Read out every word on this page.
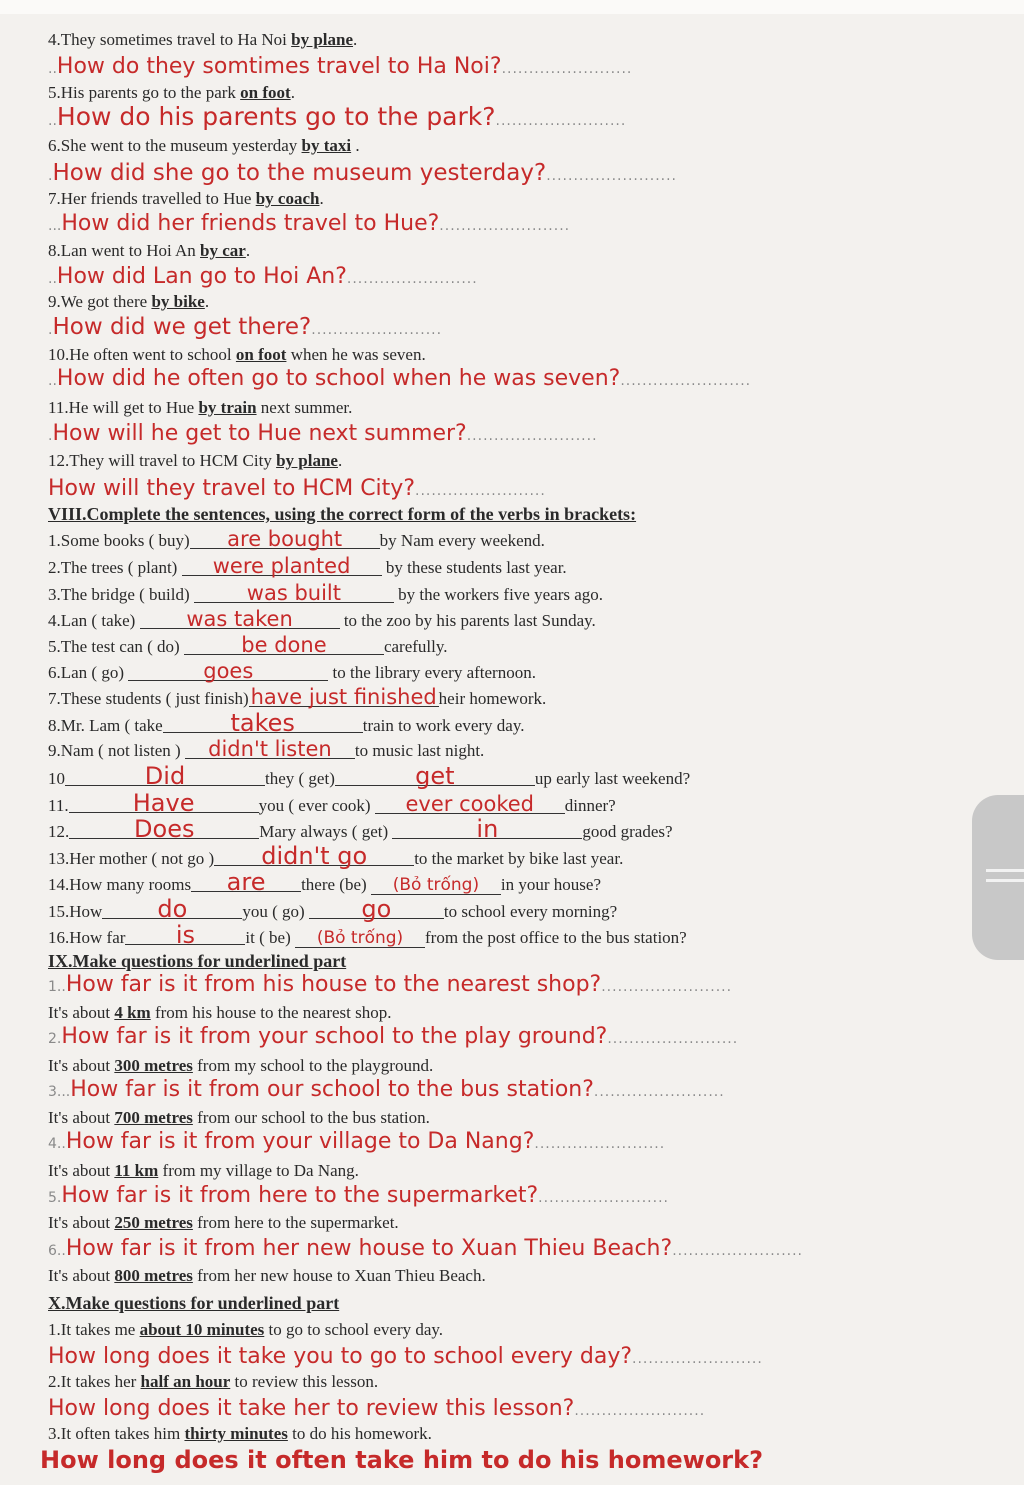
4.They sometimes travel to Ha Noi by plane.
..How do they somtimes travel to Ha Noi?........................
5.His parents go to the park on foot.
..How do his parents go to the park?........................
6.She went to the museum yesterday by taxi .
.How did she go to the museum yesterday?........................
7.Her friends travelled to Hue by coach.
...How did her friends travel to Hue?........................
8.Lan went to Hoi An by car.
..How did Lan go to Hoi An?........................
9.We got there by bike.
.How did we get there?........................
10.He often went to school on foot when he was seven.
..How did he often go to school when he was seven?........................
11.He will get to Hue by train next summer.
.How will he get to Hue next summer?........................
12.They will travel to HCM City by plane.
How will they travel to HCM City?........................
VIII.Complete the sentences, using the correct form of the verbs in brackets:
1.Some books ( buy) are bought by Nam every weekend.
2.The trees ( plant) were planted by these students last year.
3.The bridge ( build)	was built	by the workers five years ago.
4.Lan ( take) was taken	to the zoo by his parents last Sunday.
5.The test can ( do)	be done	carefully.
6.Lan ( go)	goes	to the library every afternoon.
7.These students ( just finish)have just finished heir homework.
8.Mr. Lam ( take	takes	train to work every day.
9.Nam ( not listen ) didn't listen to music last night.
10	Did	they ( get)	get	up early last weekend?
11.	Have	you ( ever cook) ever cooked dinner?
12.	Does	Mary always ( get)	in	good grades?
13.Her mother ( not go ) didn't go	to the market by bike last year.
14.How many rooms are there (be) (Bỏ trống) in your house?
15.How do	you ( go) go	to school every morning?
16.How far is	it ( be) (Bỏ trống) from the post office to the bus station?
IX.Make questions for underlined part
1..How far is it from his house to the nearest shop?........................
It's about 4 km from his house to the nearest shop.
2.How far is it from your school to the play ground?........................
It's about 300 metres from my school to the playground.
3...How far is it from our school to the bus station?........................
It's about 700 metres from our school to the bus station.
4..How far is it from your village to Da Nang?........................
It's about 11 km from my village to Da Nang.
5.How far is it from here to the supermarket?........................
It's about 250 metres from here to the supermarket.
6..How far is it from her new house to Xuan Thieu Beach?........................
It's about 800 metres from her new house to Xuan Thieu Beach.
X.Make questions for underlined part
1.It takes me about 10 minutes to go to school every day.
How long does it take you to go to school every day?........................
2.It takes her half an hour to review this lesson.
How long does it take her to review this lesson?........................
3.It often takes him thirty minutes to do his homework.
How long does it often take him to do his homework?
